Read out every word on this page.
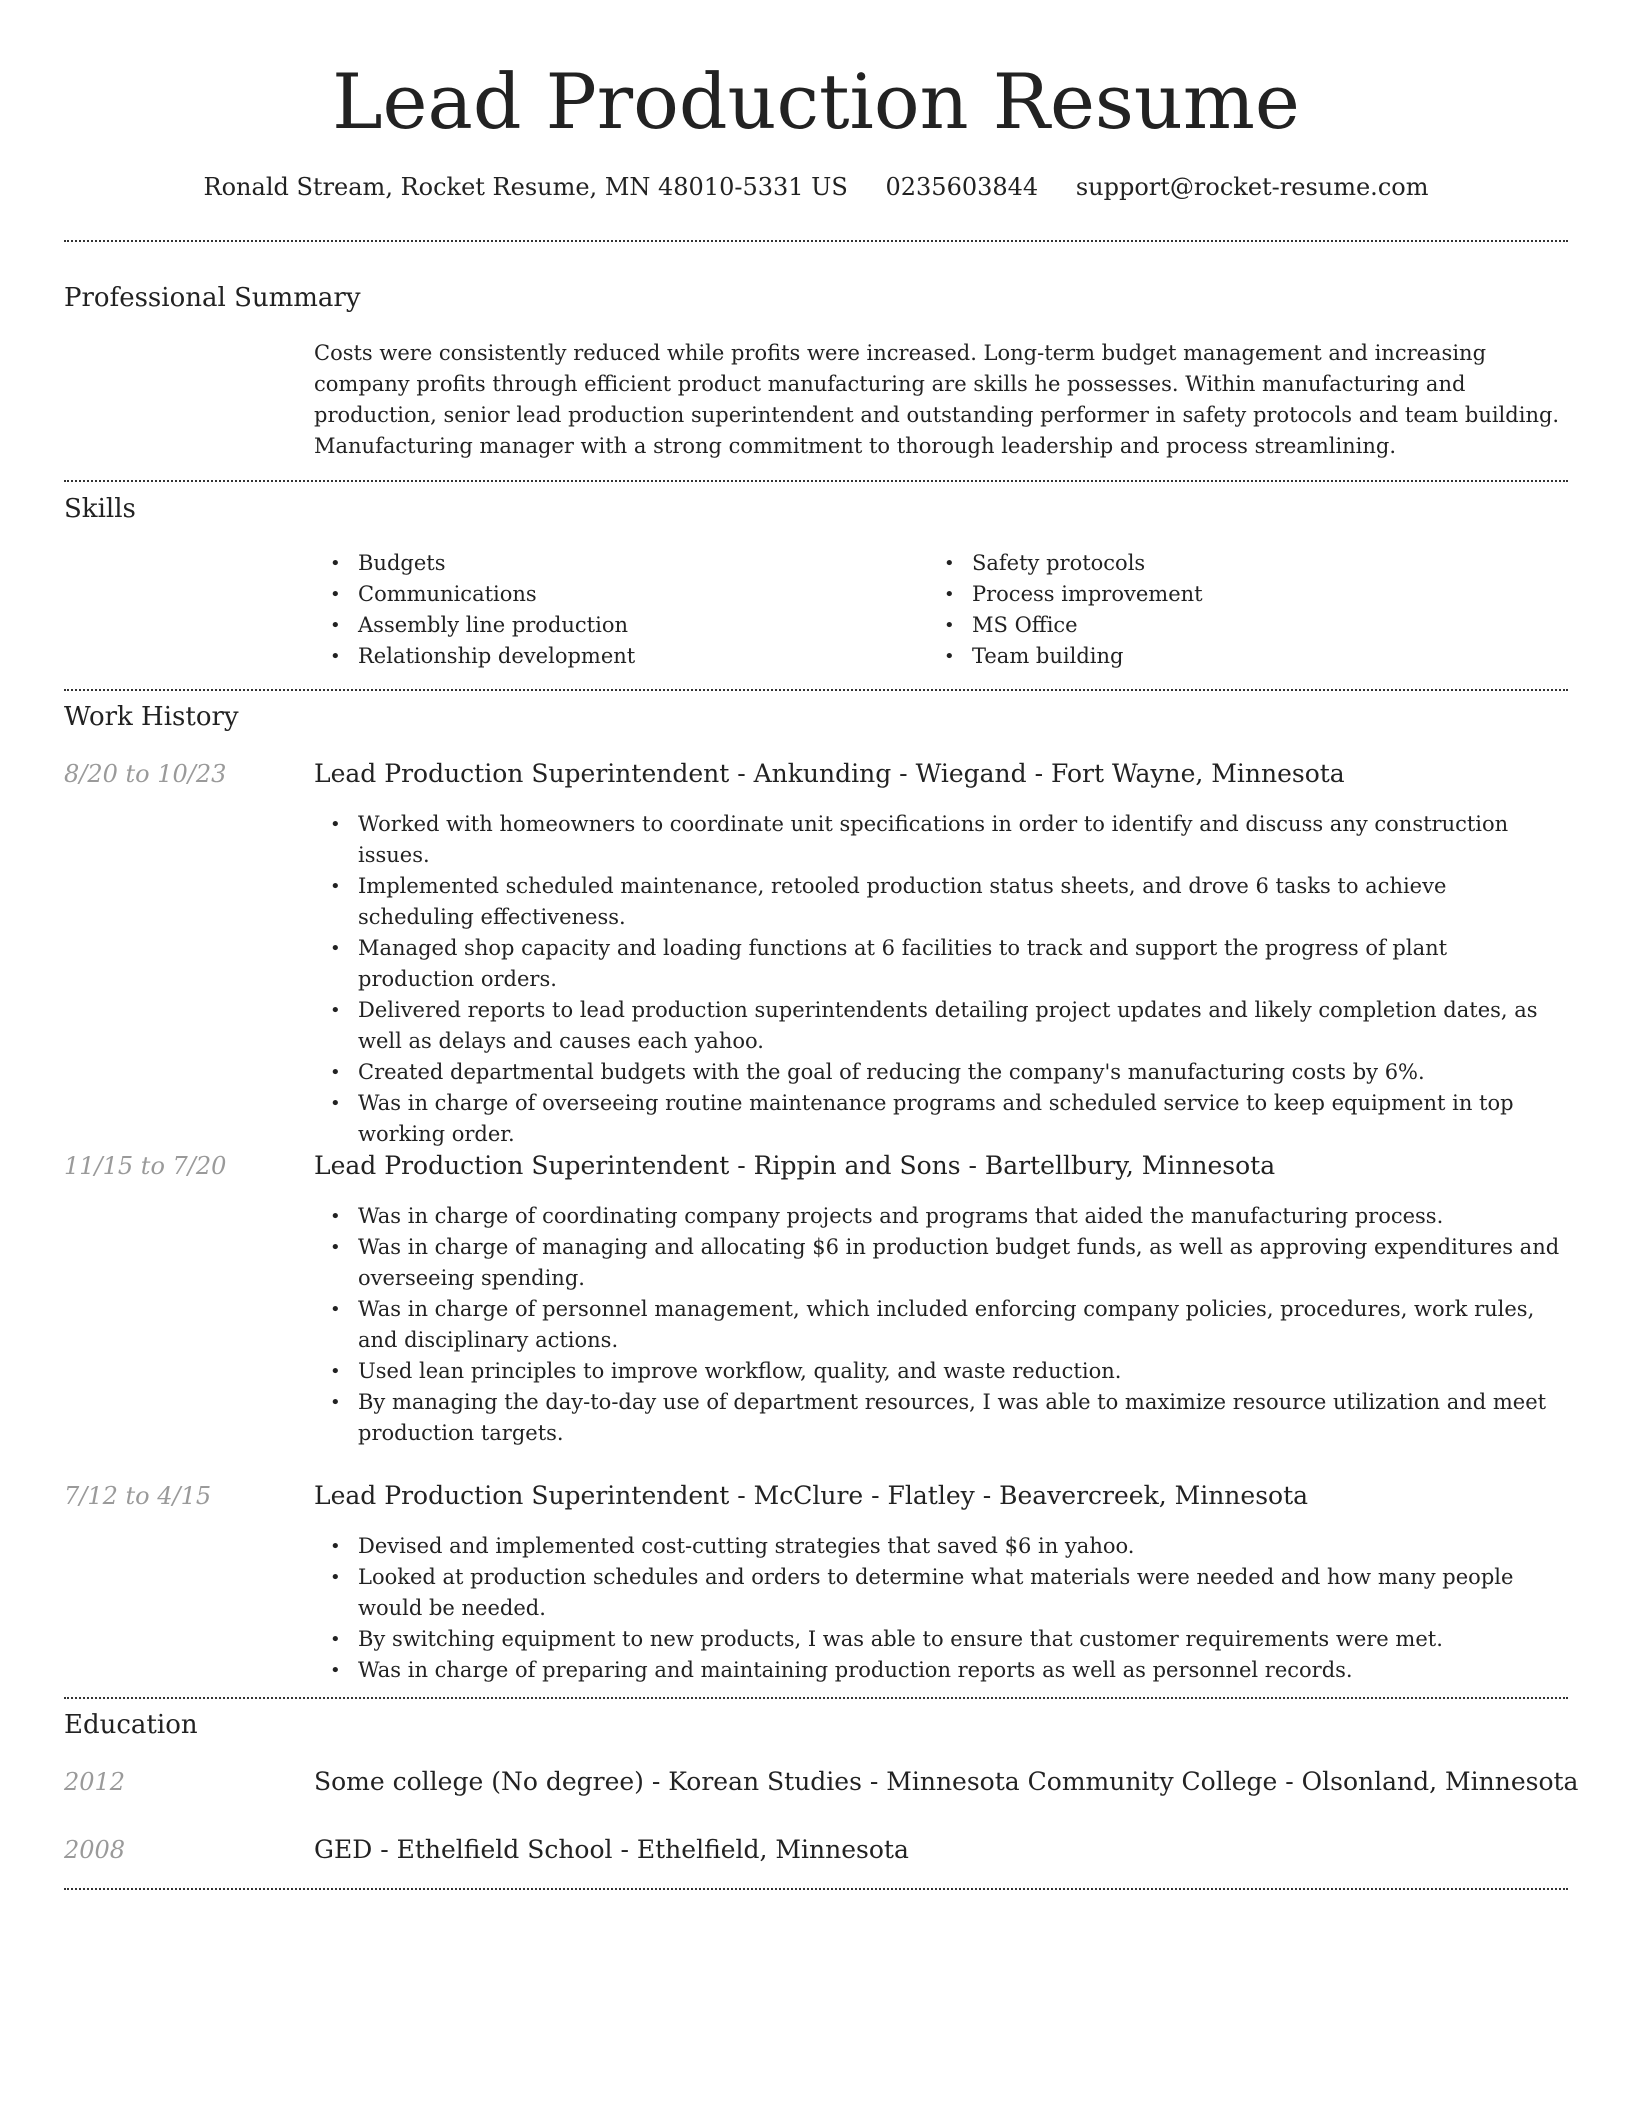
Lead Production Resume
Ronald Stream, Rocket Resume, MN 48010-5331 US 0235603844 support@rocket-resume.com
Professional Summary
Costs were consistently reduced while profits were increased. Long-term budget management and increasing company profits through efficient product manufacturing are skills he possesses. Within manufacturing and production, senior lead production superintendent and outstanding performer in safety protocols and team building. Manufacturing manager with a strong commitment to thorough leadership and process streamlining.
Skills
• Budgets
• Communications
• Assembly line production
• Relationship development
• Safety protocols
• Process improvement
• MS Office
• Team building
Work History
8/20 to 10/23	Lead Production Superintendent - Ankunding - Wiegand - Fort Wayne, Minnesota
• Worked with homeowners to coordinate unit specifications in order to identify and discuss any construction issues.
• Implemented scheduled maintenance, retooled production status sheets, and drove 6 tasks to achieve scheduling effectiveness.
• Managed shop capacity and loading functions at 6 facilities to track and support the progress of plant production orders.
• Delivered reports to lead production superintendents detailing project updates and likely completion dates, as well as delays and causes each yahoo.
• Created departmental budgets with the goal of reducing the company's manufacturing costs by 6%.
• Was in charge of overseeing routine maintenance programs and scheduled service to keep equipment in top working order.
11/15 to 7/20	Lead Production Superintendent - Rippin and Sons - Bartellbury, Minnesota
• Was in charge of coordinating company projects and programs that aided the manufacturing process.
• Was in charge of managing and allocating $6 in production budget funds, as well as approving expenditures and overseeing spending.
• Was in charge of personnel management, which included enforcing company policies, procedures, work rules, and disciplinary actions.
• Used lean principles to improve workflow, quality, and waste reduction.
• By managing the day-to-day use of department resources, I was able to maximize resource utilization and meet production targets.
7/12 to 4/15	Lead Production Superintendent - McClure - Flatley - Beavercreek, Minnesota
• Devised and implemented cost-cutting strategies that saved $6 in yahoo.
• Looked at production schedules and orders to determine what materials were needed and how many people would be needed.
• By switching equipment to new products, I was able to ensure that customer requirements were met.
• Was in charge of preparing and maintaining production reports as well as personnel records.
Education
2012	Some college (No degree) - Korean Studies - Minnesota Community College - Olsonland, Minnesota
2008	GED - Ethelfield School - Ethelfield, Minnesota
